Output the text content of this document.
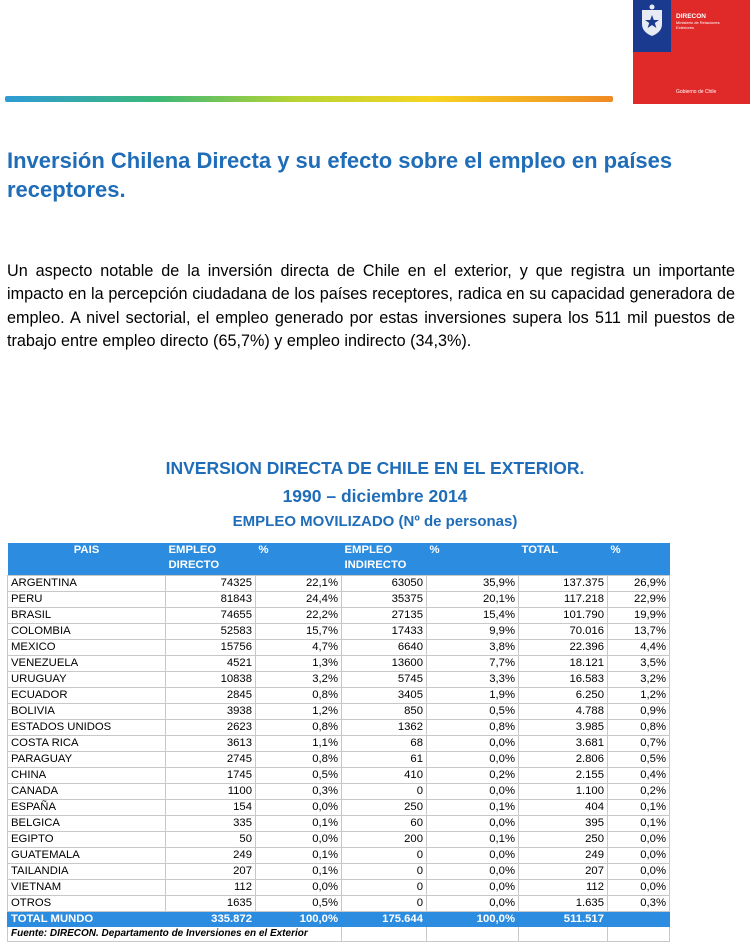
DIRECON
Ministerio de Relaciones Exteriores
Gobierno de Chile
Inversión Chilena Directa y su efecto sobre el empleo en países receptores.

Un aspecto notable de la inversión directa de Chile en el exterior, y que registra un importante impacto en la percepción ciudadana de los países receptores, radica en su capacidad generadora de empleo. A nivel sectorial, el empleo generado por estas inversiones supera los 511 mil puestos de trabajo entre empleo directo (65,7%) y empleo indirecto (34,3%).

INVERSION DIRECTA DE CHILE EN EL EXTERIOR.

1990 – diciembre 2014

EMPLEO MOVILIZADO (Nº de personas)

PAIS	EMPLEO DIRECTO	%	EMPLEO INDIRECTO	%	TOTAL	%
ARGENTINA	74325	22,1%	63050	35,9%	137.375	26,9%
PERU	81843	24,4%	35375	20,1%	117.218	22,9%
BRASIL	74655	22,2%	27135	15,4%	101.790	19,9%
COLOMBIA	52583	15,7%	17433	9,9%	70.016	13,7%
MEXICO	15756	4,7%	6640	3,8%	22.396	4,4%
VENEZUELA	4521	1,3%	13600	7,7%	18.121	3,5%
URUGUAY	10838	3,2%	5745	3,3%	16.583	3,2%
ECUADOR	2845	0,8%	3405	1,9%	6.250	1,2%
BOLIVIA	3938	1,2%	850	0,5%	4.788	0,9%
ESTADOS UNIDOS	2623	0,8%	1362	0,8%	3.985	0,8%
COSTA RICA	3613	1,1%	68	0,0%	3.681	0,7%
PARAGUAY	2745	0,8%	61	0,0%	2.806	0,5%
CHINA	1745	0,5%	410	0,2%	2.155	0,4%
CANADA	1100	0,3%	0	0,0%	1.100	0,2%
ESPAÑA	154	0,0%	250	0,1%	404	0,1%
BELGICA	335	0,1%	60	0,0%	395	0,1%
EGIPTO	50	0,0%	200	0,1%	250	0,0%
GUATEMALA	249	0,1%	0	0,0%	249	0,0%
TAILANDIA	207	0,1%	0	0,0%	207	0,0%
VIETNAM	112	0,0%	0	0,0%	112	0,0%
OTROS	1635	0,5%	0	0,0%	1.635	0,3%
TOTAL MUNDO	335.872	100,0%	175.644	100,0%	511.517	
Fuente: DIRECON. Departamento de Inversiones en el Exterior						
